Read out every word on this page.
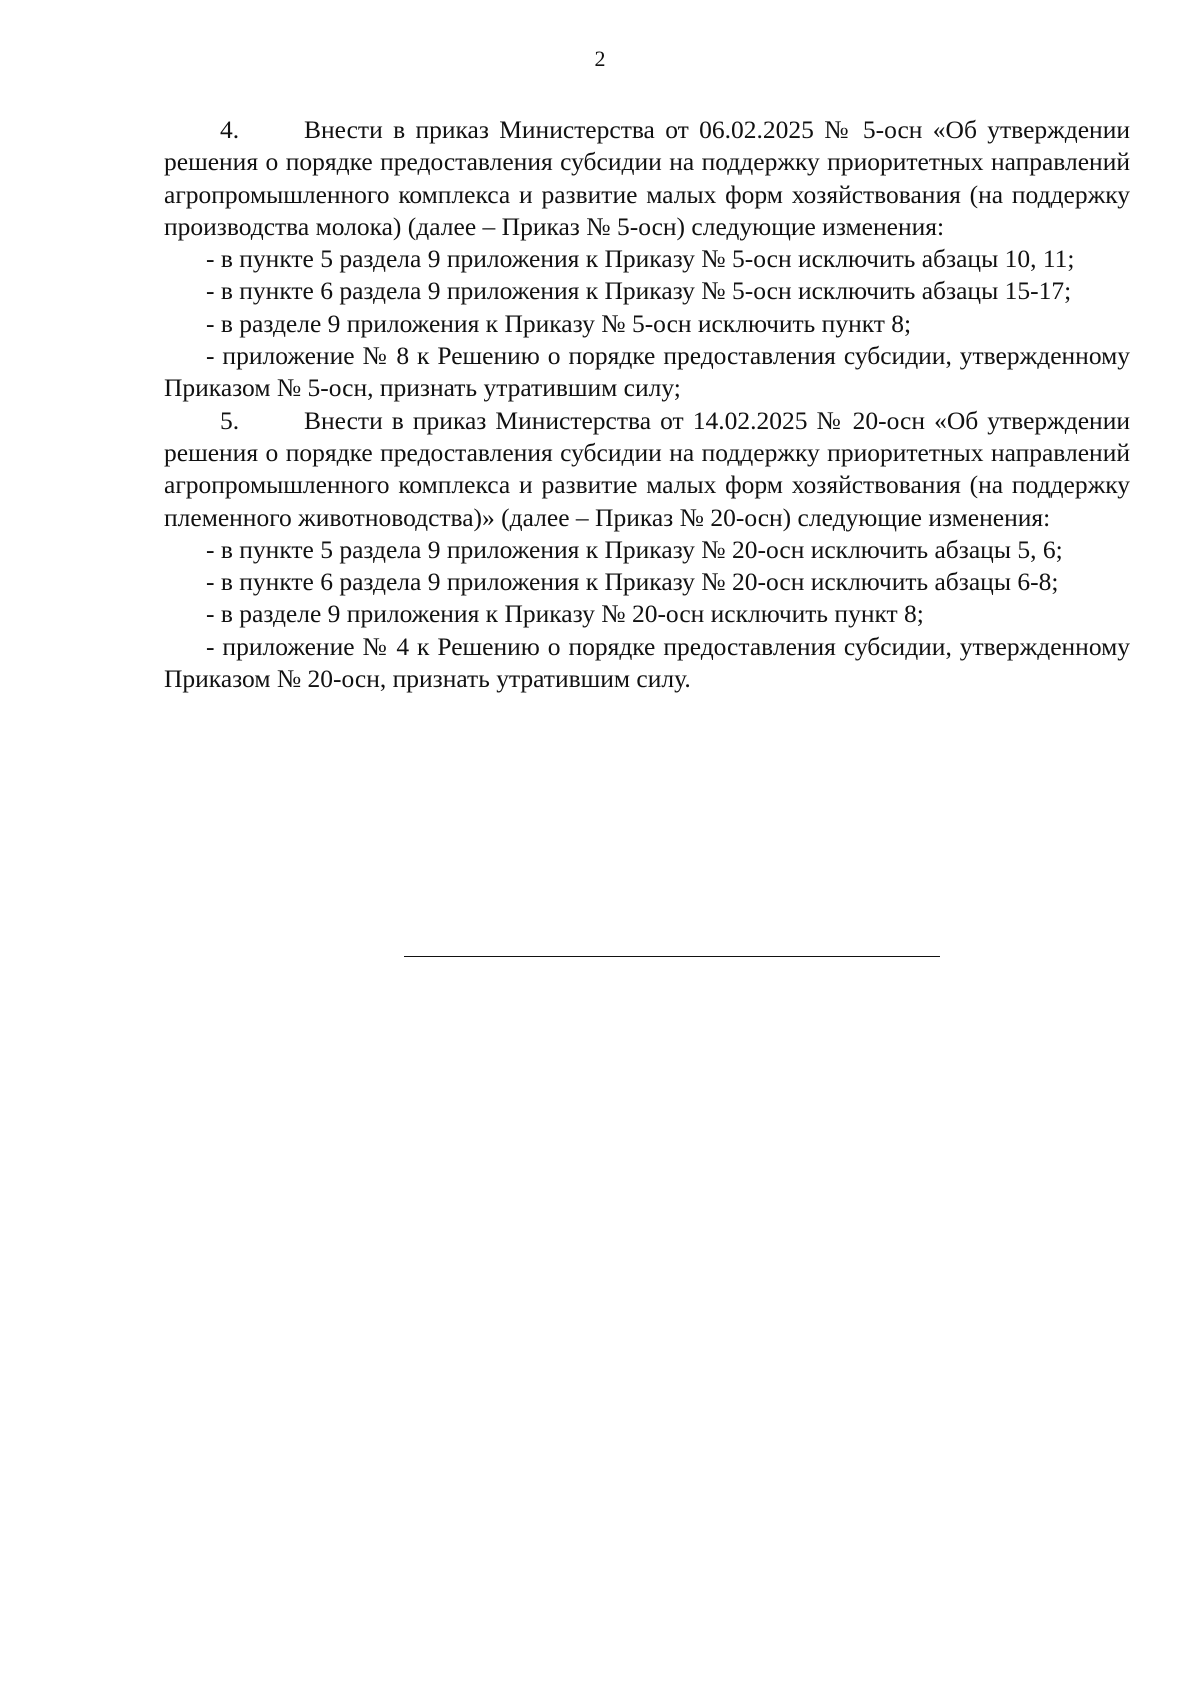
2

4.	Внести в приказ Министерства от 06.02.2025 № 5-осн «Об утверждении решения о порядке предоставления субсидии на поддержку приоритетных направлений агропромышленного комплекса и развитие малых форм хозяйствования (на поддержку производства молока) (далее – Приказ № 5-осн) следующие изменения:

- в пункте 5 раздела 9 приложения к Приказу № 5-осн исключить абзацы 10, 11;

- в пункте 6 раздела 9 приложения к Приказу № 5-осн исключить абзацы 15-17;

- в разделе 9 приложения к Приказу № 5-осн исключить пункт 8;

- приложение № 8 к Решению о порядке предоставления субсидии, утвержденному Приказом № 5-осн, признать утратившим силу;

5.	Внести в приказ Министерства от 14.02.2025 № 20-осн «Об утверждении решения о порядке предоставления субсидии на поддержку приоритетных направлений агропромышленного комплекса и развитие малых форм хозяйствования (на поддержку племенного животноводства)» (далее – Приказ № 20-осн) следующие изменения:

- в пункте 5 раздела 9 приложения к Приказу № 20-осн исключить абзацы 5, 6;

- в пункте 6 раздела 9 приложения к Приказу № 20-осн исключить абзацы 6-8;

- в разделе 9 приложения к Приказу № 20-осн исключить пункт 8;

- приложение № 4 к Решению о порядке предоставления субсидии, утвержденному Приказом № 20-осн, признать утратившим силу.
